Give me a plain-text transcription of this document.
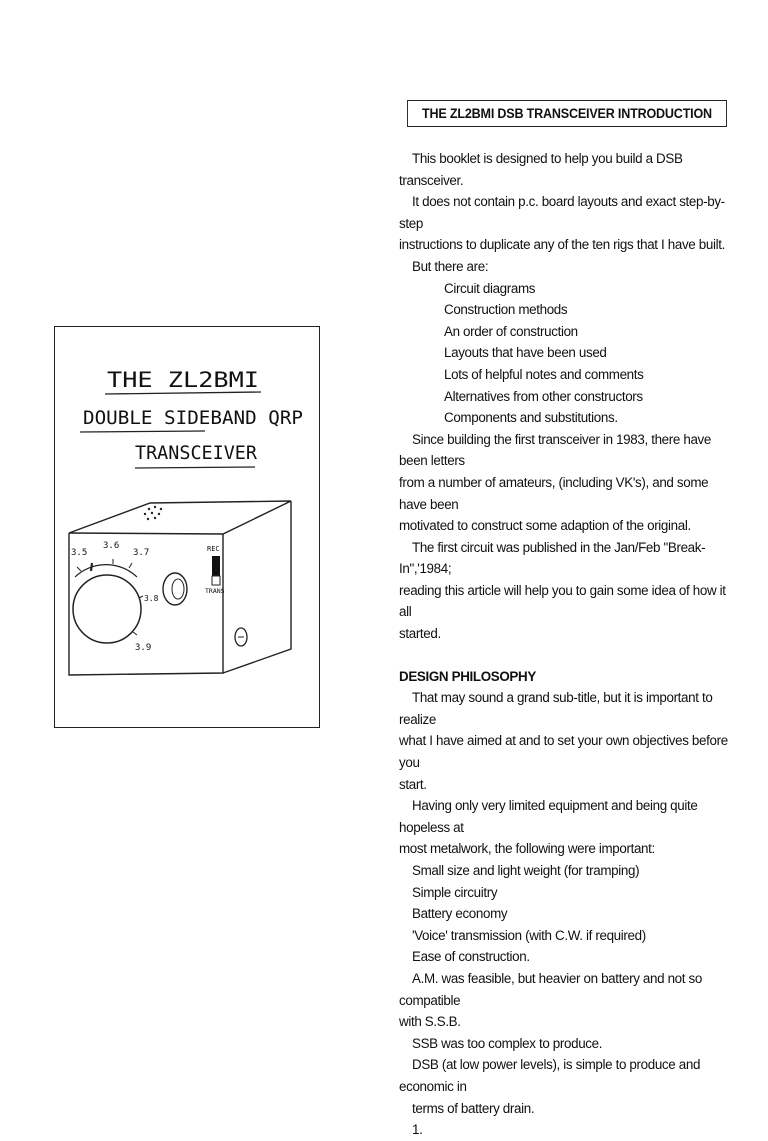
THE ZL2BMI
DOUBLE SIDEBAND QRP
TRANSCEIVER
3.5
3.6
3.7
3.8
3.9
REC
TRANS
THE ZL2BMI DSB TRANSCEIVER INTRODUCTION

This booklet is designed to help you build a DSB transceiver.

It does not contain p.c. board layouts and exact step-by-step

instructions to duplicate any of the ten rigs that I have built.

But there are:

Circuit diagrams

Construction methods

An order of construction

Layouts that have been used

Lots of helpful notes and comments

Alternatives from other constructors

Components and substitutions.

Since building the first transceiver in 1983, there have been letters

from a number of amateurs, (including VK's), and some have been

motivated to construct some adaption of the original.

The first circuit was published in the Jan/Feb "Break-In",'1984;

reading this article will help you to gain some idea of how it all

started.

DESIGN PHILOSOPHY

That may sound a grand sub-title, but it is important to realize

what I have aimed at and to set your own objectives before you

start.

Having only very limited equipment and being quite hopeless at

most metalwork, the following were important:

Small size and light weight (for tramping)

Simple circuitry

Battery economy

'Voice' transmission (with C.W. if required)

Ease of construction.

A.M. was feasible, but heavier on battery and not so compatible

with S.S.B.

SSB was too complex to produce.

DSB (at low power levels), is simple to produce and economic in

terms of battery drain.

1.
